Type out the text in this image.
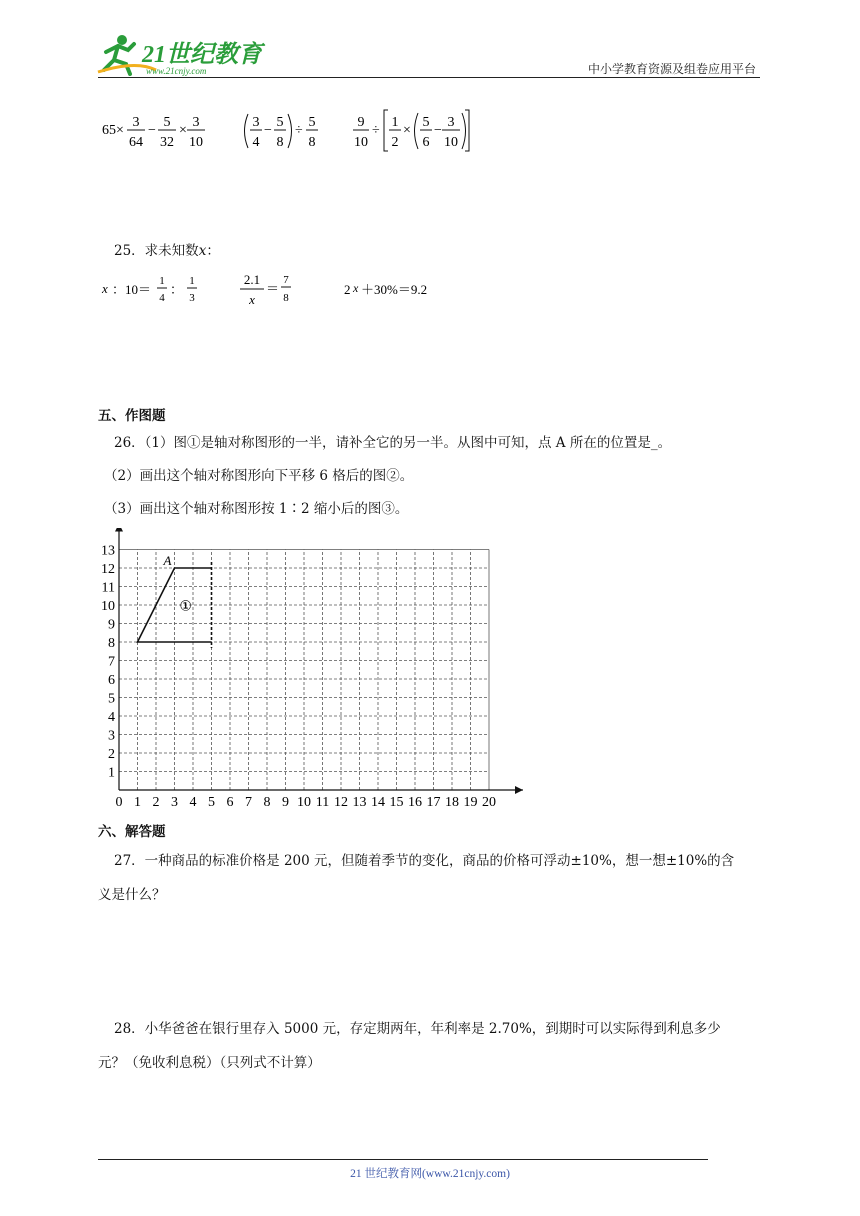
21世纪教育
www.21cnjy.com	中小学教育资源及组卷应用平台
65×
3
64
−
5
32
×
3
10
3
4
−
5
8
÷
5
8
9
10
÷
1
2
×
5
6
−
3
10
25．求未知数x：
x ：10＝
1
4
：
1
3
2.1
x
＝
7
8
2 x ＋30%＝9.2
五、作图题
26．（1）图①是轴对称图形的一半，请补全它的另一半。从图中可知，点 A 所在的位置是_。
（2）画出这个轴对称图形向下平移 6 格后的图②。
（3）画出这个轴对称图形按 1∶2 缩小后的图③。
0 1 2 3 4 5 6 7 8 9 10 11 12 13 14 15 16 17 18 19 20
1
2
3
4
5
6
7
8
9
10
11
12
13
A
①
六、解答题
27．一种商品的标准价格是 200 元，但随着季节的变化，商品的价格可浮动±10%，想一想±10%的含
义是什么？
28．小华爸爸在银行里存入 5000 元，存定期两年，年利率是 2.70%，到期时可以实际得到利息多少
元？（免收利息税）（只列式不计算）
21 世纪教育网(www.21cnjy.com)
